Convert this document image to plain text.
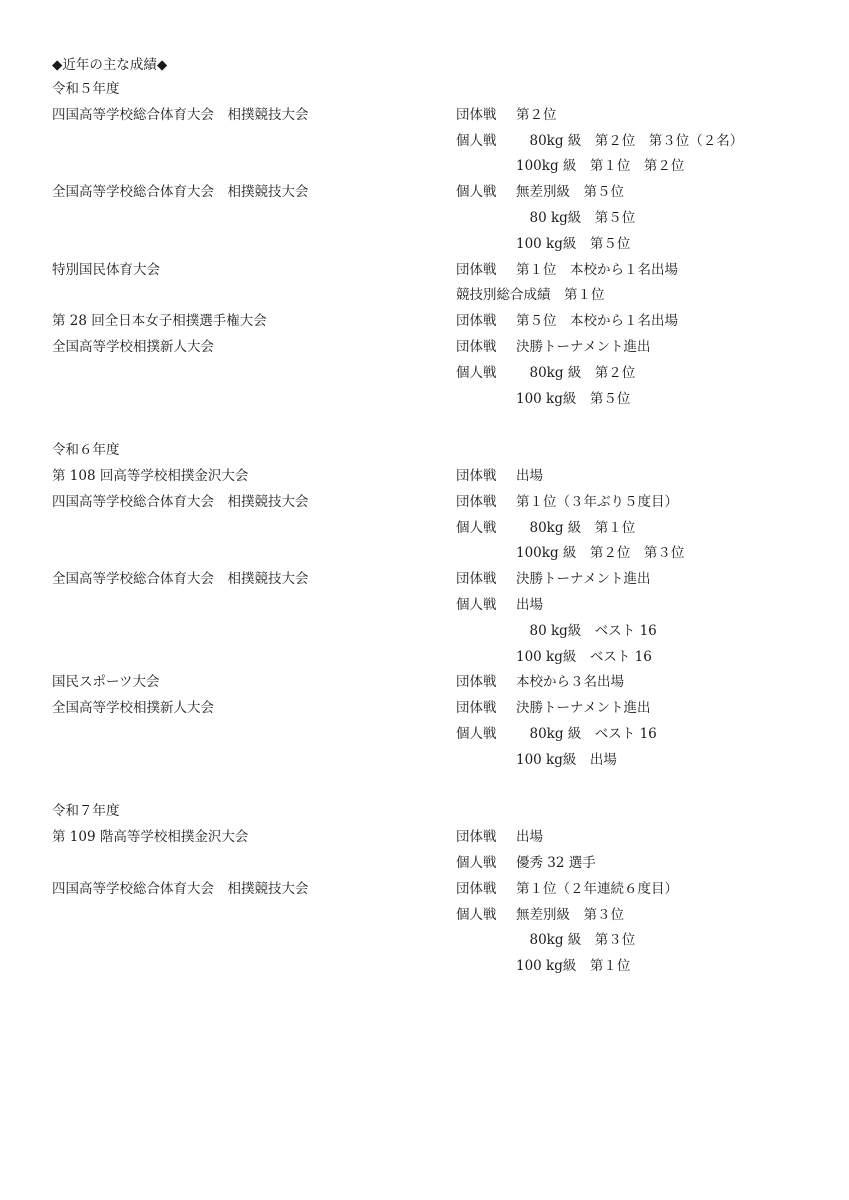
◆近年の主な成績◆
令和５年度
四国高等学校総合体育大会　相撲競技大会	団体戦 第２位
個人戦 　80kg 級　第２位　第３位（２名）
100kg 級　第１位　第２位
全国高等学校総合体育大会　相撲競技大会	個人戦 無差別級　第５位
　80 kg級　第５位
100 kg級　第５位
特別国民体育大会	団体戦 第１位　本校から１名出場
競技別総合成績　第１位
第 28 回全日本女子相撲選手権大会	団体戦 第５位　本校から１名出場
全国高等学校相撲新人大会	団体戦 決勝トーナメント進出
個人戦 　80kg 級　第２位
100 kg級　第５位
令和６年度
第 108 回高等学校相撲金沢大会	団体戦 出場
四国高等学校総合体育大会　相撲競技大会	団体戦 第１位（３年ぶり５度目）
個人戦 　80kg 級　第１位
100kg 級　第２位　第３位
全国高等学校総合体育大会　相撲競技大会	団体戦 決勝トーナメント進出
個人戦 出場
　80 kg級　ベスト 16
100 kg級　ベスト 16
国民スポーツ大会	団体戦 本校から３名出場
全国高等学校相撲新人大会	団体戦 決勝トーナメント進出
個人戦 　80kg 級　ベスト 16
100 kg級　出場
令和７年度
第 109 階高等学校相撲金沢大会	団体戦 出場
個人戦 優秀 32 選手
四国高等学校総合体育大会　相撲競技大会	団体戦 第１位（２年連続６度目）
個人戦 無差別級　第３位
　80kg 級　第３位
100 kg級　第１位
